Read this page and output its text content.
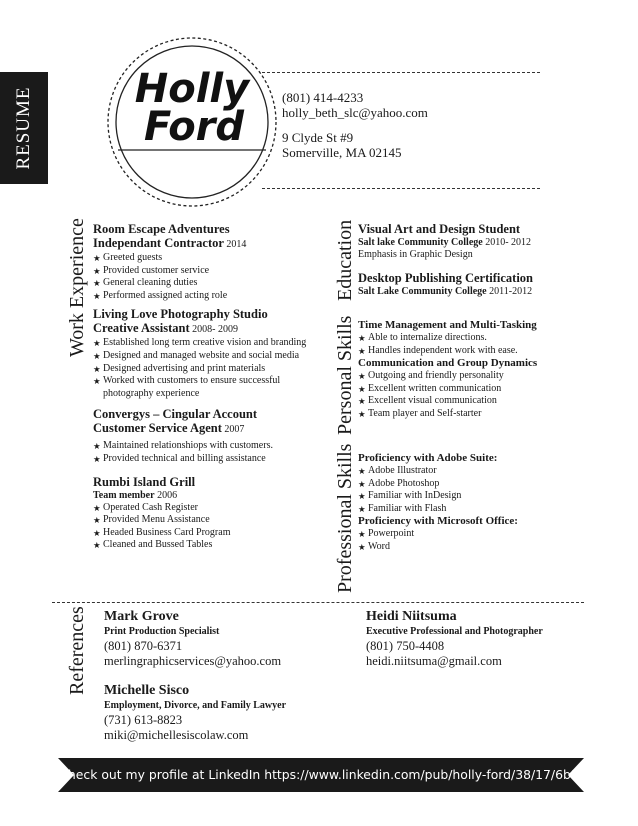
RESUME	Holly
Ford
(801) 414-4233
holly_beth_slc@yahoo.com
9 Clyde St #9
Somerville, MA 02145
Work Experience	Education
Personal Skills
Professional Skills
References
Room Escape Adventures
Independant Contractor 2014
★ Greeted guests
★ Provided customer service
★ General cleaning duties
★ Performed assigned acting role
Living Love Photography Studio
Creative Assistant 2008- 2009
★ Established long term creative vision and branding
★ Designed and managed website and social media
★ Designed advertising and print materials
★ Worked with customers to ensure successful
photography experience
Convergys – Cingular Account
Customer Service Agent 2007
★ Maintained relationshiops with customers.
★ Provided technical and billing assistance
Rumbi Island Grill
Team member 2006
★ Operated Cash Register
★ Provided Menu Assistance
★ Headed Business Card Program
★ Cleaned and Bussed Tables
Visual Art and Design Student
Salt lake Community College 2010- 2012
Emphasis in Graphic Design
Desktop Publishing Certification
Salt Lake Community College 2011-2012
Time Management and Multi-Tasking
★ Able to internalize directions.
★ Handles independent work with ease.
Communication and Group Dynamics
★ Outgoing and friendly personality
★ Excellent written communication
★ Excellent visual communication
★ Team player and Self-starter
Proficiency with Adobe Suite:
★ Adobe Illustrator
★ Adobe Photoshop
★ Familiar with InDesign
★ Familiar with Flash
Proficiency with Microsoft Office:
★ Powerpoint
★ Word
Mark Grove
Print Production Specialist
(801) 870-6371
merlingraphicservices@yahoo.com
Heidi Niitsuma
Executive Professional and Photographer
(801) 750-4408
heidi.niitsuma@gmail.com
Michelle Sisco
Employment, Divorce, and Family Lawyer
(731) 613-8823
miki@michellesiscolaw.com
Check out my profile at LinkedIn https://www.linkedin.com/pub/holly-ford/38/17/6b3
